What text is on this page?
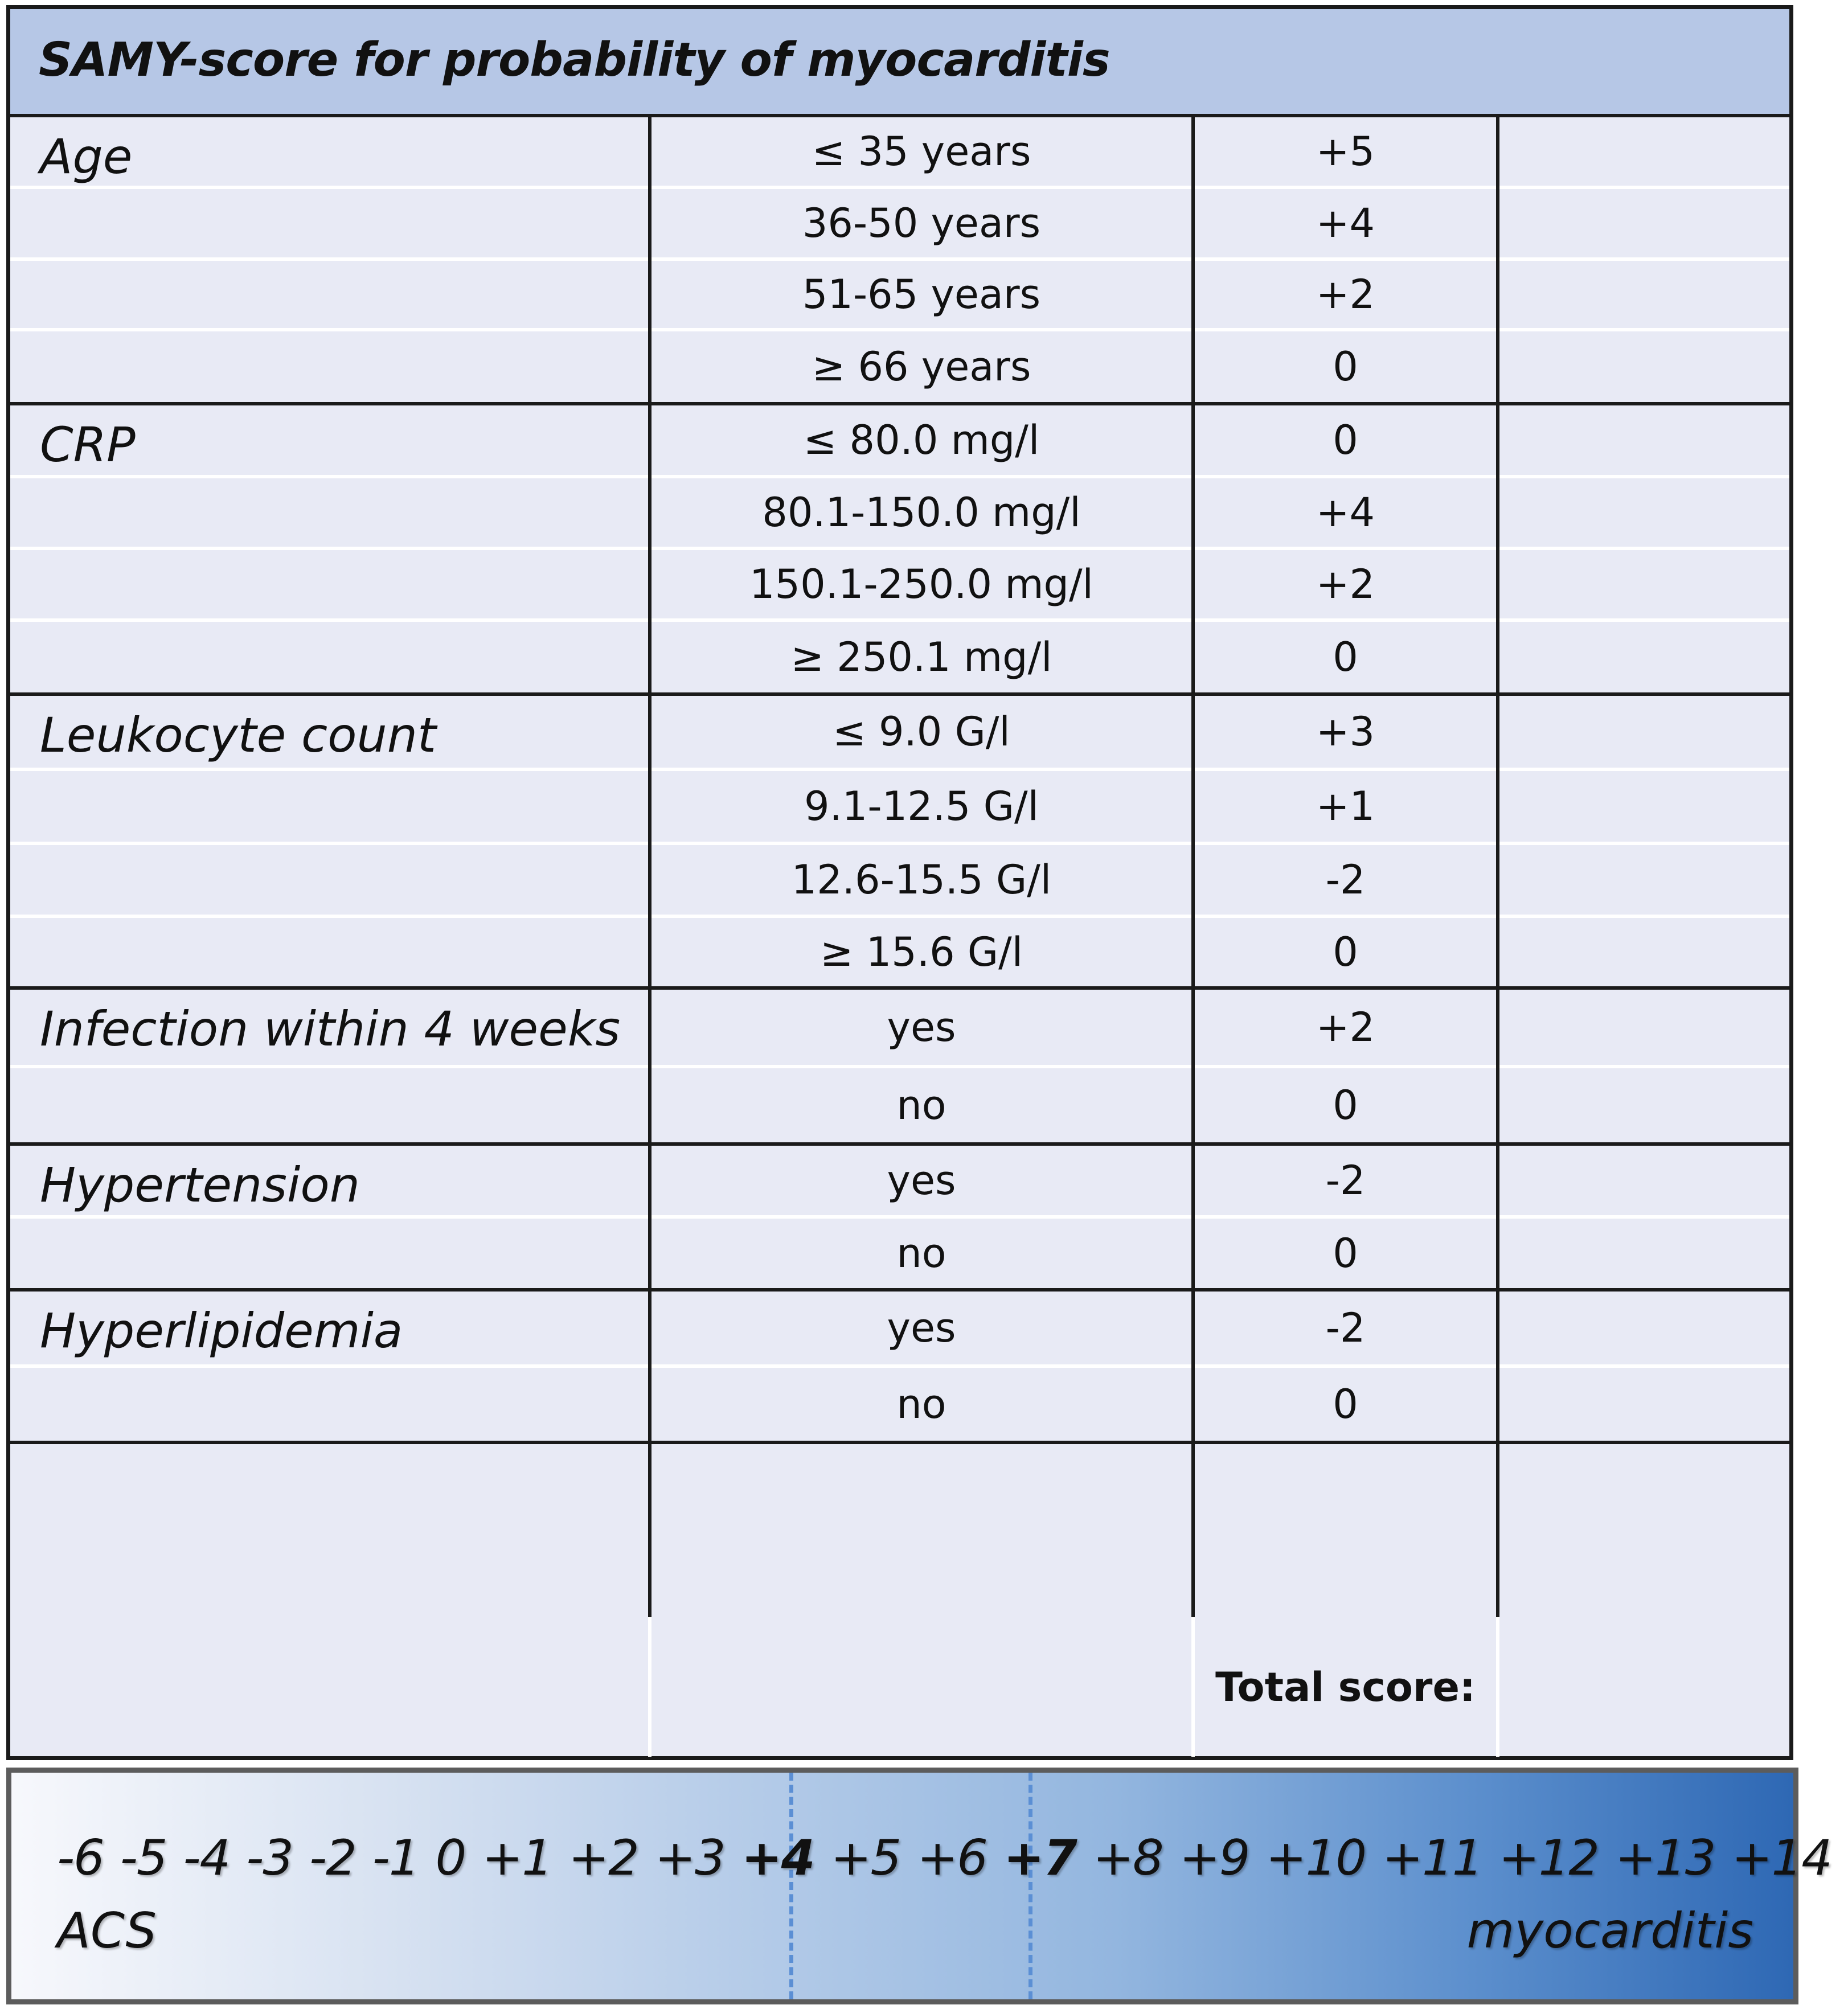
SAMY-score for probability of myocarditis
Age	≤ 35 years	+5
36-50 years	+4
51-65 years	+2
≥ 66 years	0
CRP	≤ 80.0 mg/l	0
80.1-150.0 mg/l	+4
150.1-250.0 mg/l	+2
≥ 250.1 mg/l	0
Leukocyte count	≤ 9.0 G/l	+3
9.1-12.5 G/l	+1
12.6-15.5 G/l	-2
≥ 15.6 G/l	0
Infection within 4 weeks	yes	+2
no	0
Hypertension	yes	-2
no	0
Hyperlipidemia	yes	-2
no	0
Total score:
-6 -5 -4 -3 -2 -1 0 +1 +2 +3 +4 +5 +6 +7 +8 +9 +10 +11 +12 +13 +14
ACS	myocarditis
